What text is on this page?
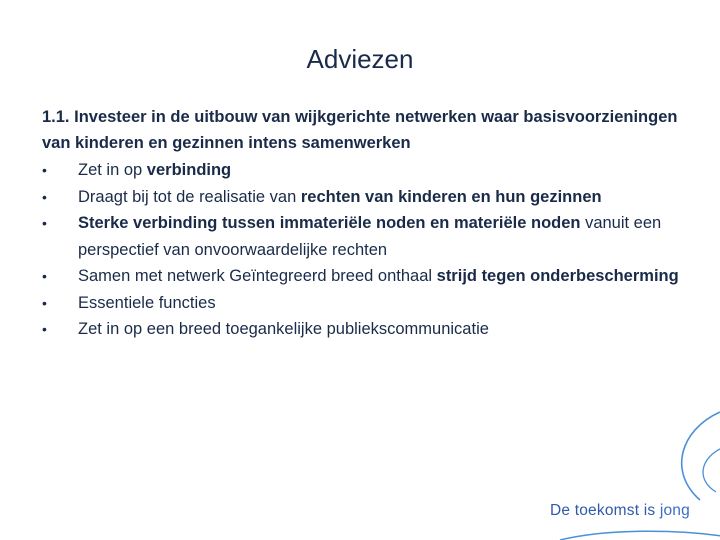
Adviezen
1.1. Investeer in de uitbouw van wijkgerichte netwerken waar basisvoorzieningen van kinderen en gezinnen intens samenwerken
•	Zet in op verbinding
•	Draagt bij tot de realisatie van rechten van kinderen en hun gezinnen
•	Sterke verbinding tussen immateriële noden en materiële noden vanuit een perspectief van onvoorwaardelijke rechten
•	Samen met netwerk Geïntegreerd breed onthaal strijd tegen onderbescherming
•	Essentiele functies
•	Zet in op een breed toegankelijke publiekscommunicatie
De toekomst is jong
